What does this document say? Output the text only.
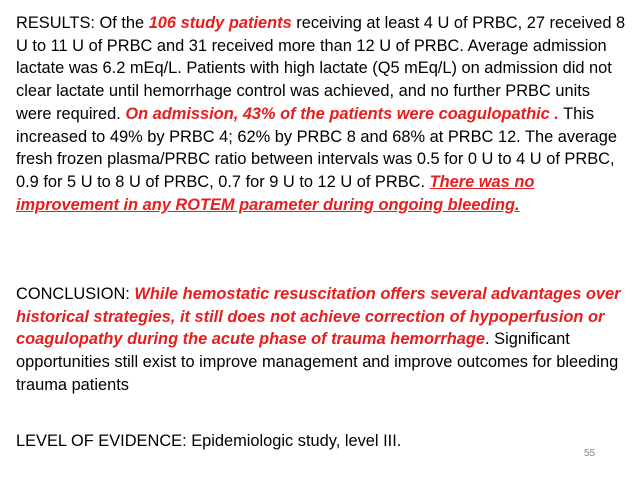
RESULTS: Of the 106 study patients receiving at least 4 U of PRBC, 27 received 8 U to 11 U of PRBC and 31 received more than 12 U of PRBC. Average admission lactate was 6.2 mEq/L. Patients with high lactate (Q5 mEq/L) on admission did not clear lactate until hemorrhage control was achieved, and no further PRBC units were required. On admission, 43% of the patients were coagulopathic . This increased to 49% by PRBC 4; 62% by PRBC 8 and 68% at PRBC 12. The average fresh frozen plasma/PRBC ratio between intervals was 0.5 for 0 U to 4 U of PRBC, 0.9 for 5 U to 8 U of PRBC, 0.7 for 9 U to 12 U of PRBC. There was no improvement in any ROTEM parameter during ongoing bleeding.

CONCLUSION: While hemostatic resuscitation offers several advantages over historical strategies, it still does not achieve correction of hypoperfusion or coagulopathy during the acute phase of trauma hemorrhage. Significant opportunities still exist to improve management and improve outcomes for bleeding trauma patients

LEVEL OF EVIDENCE: Epidemiologic study, level III.

55
